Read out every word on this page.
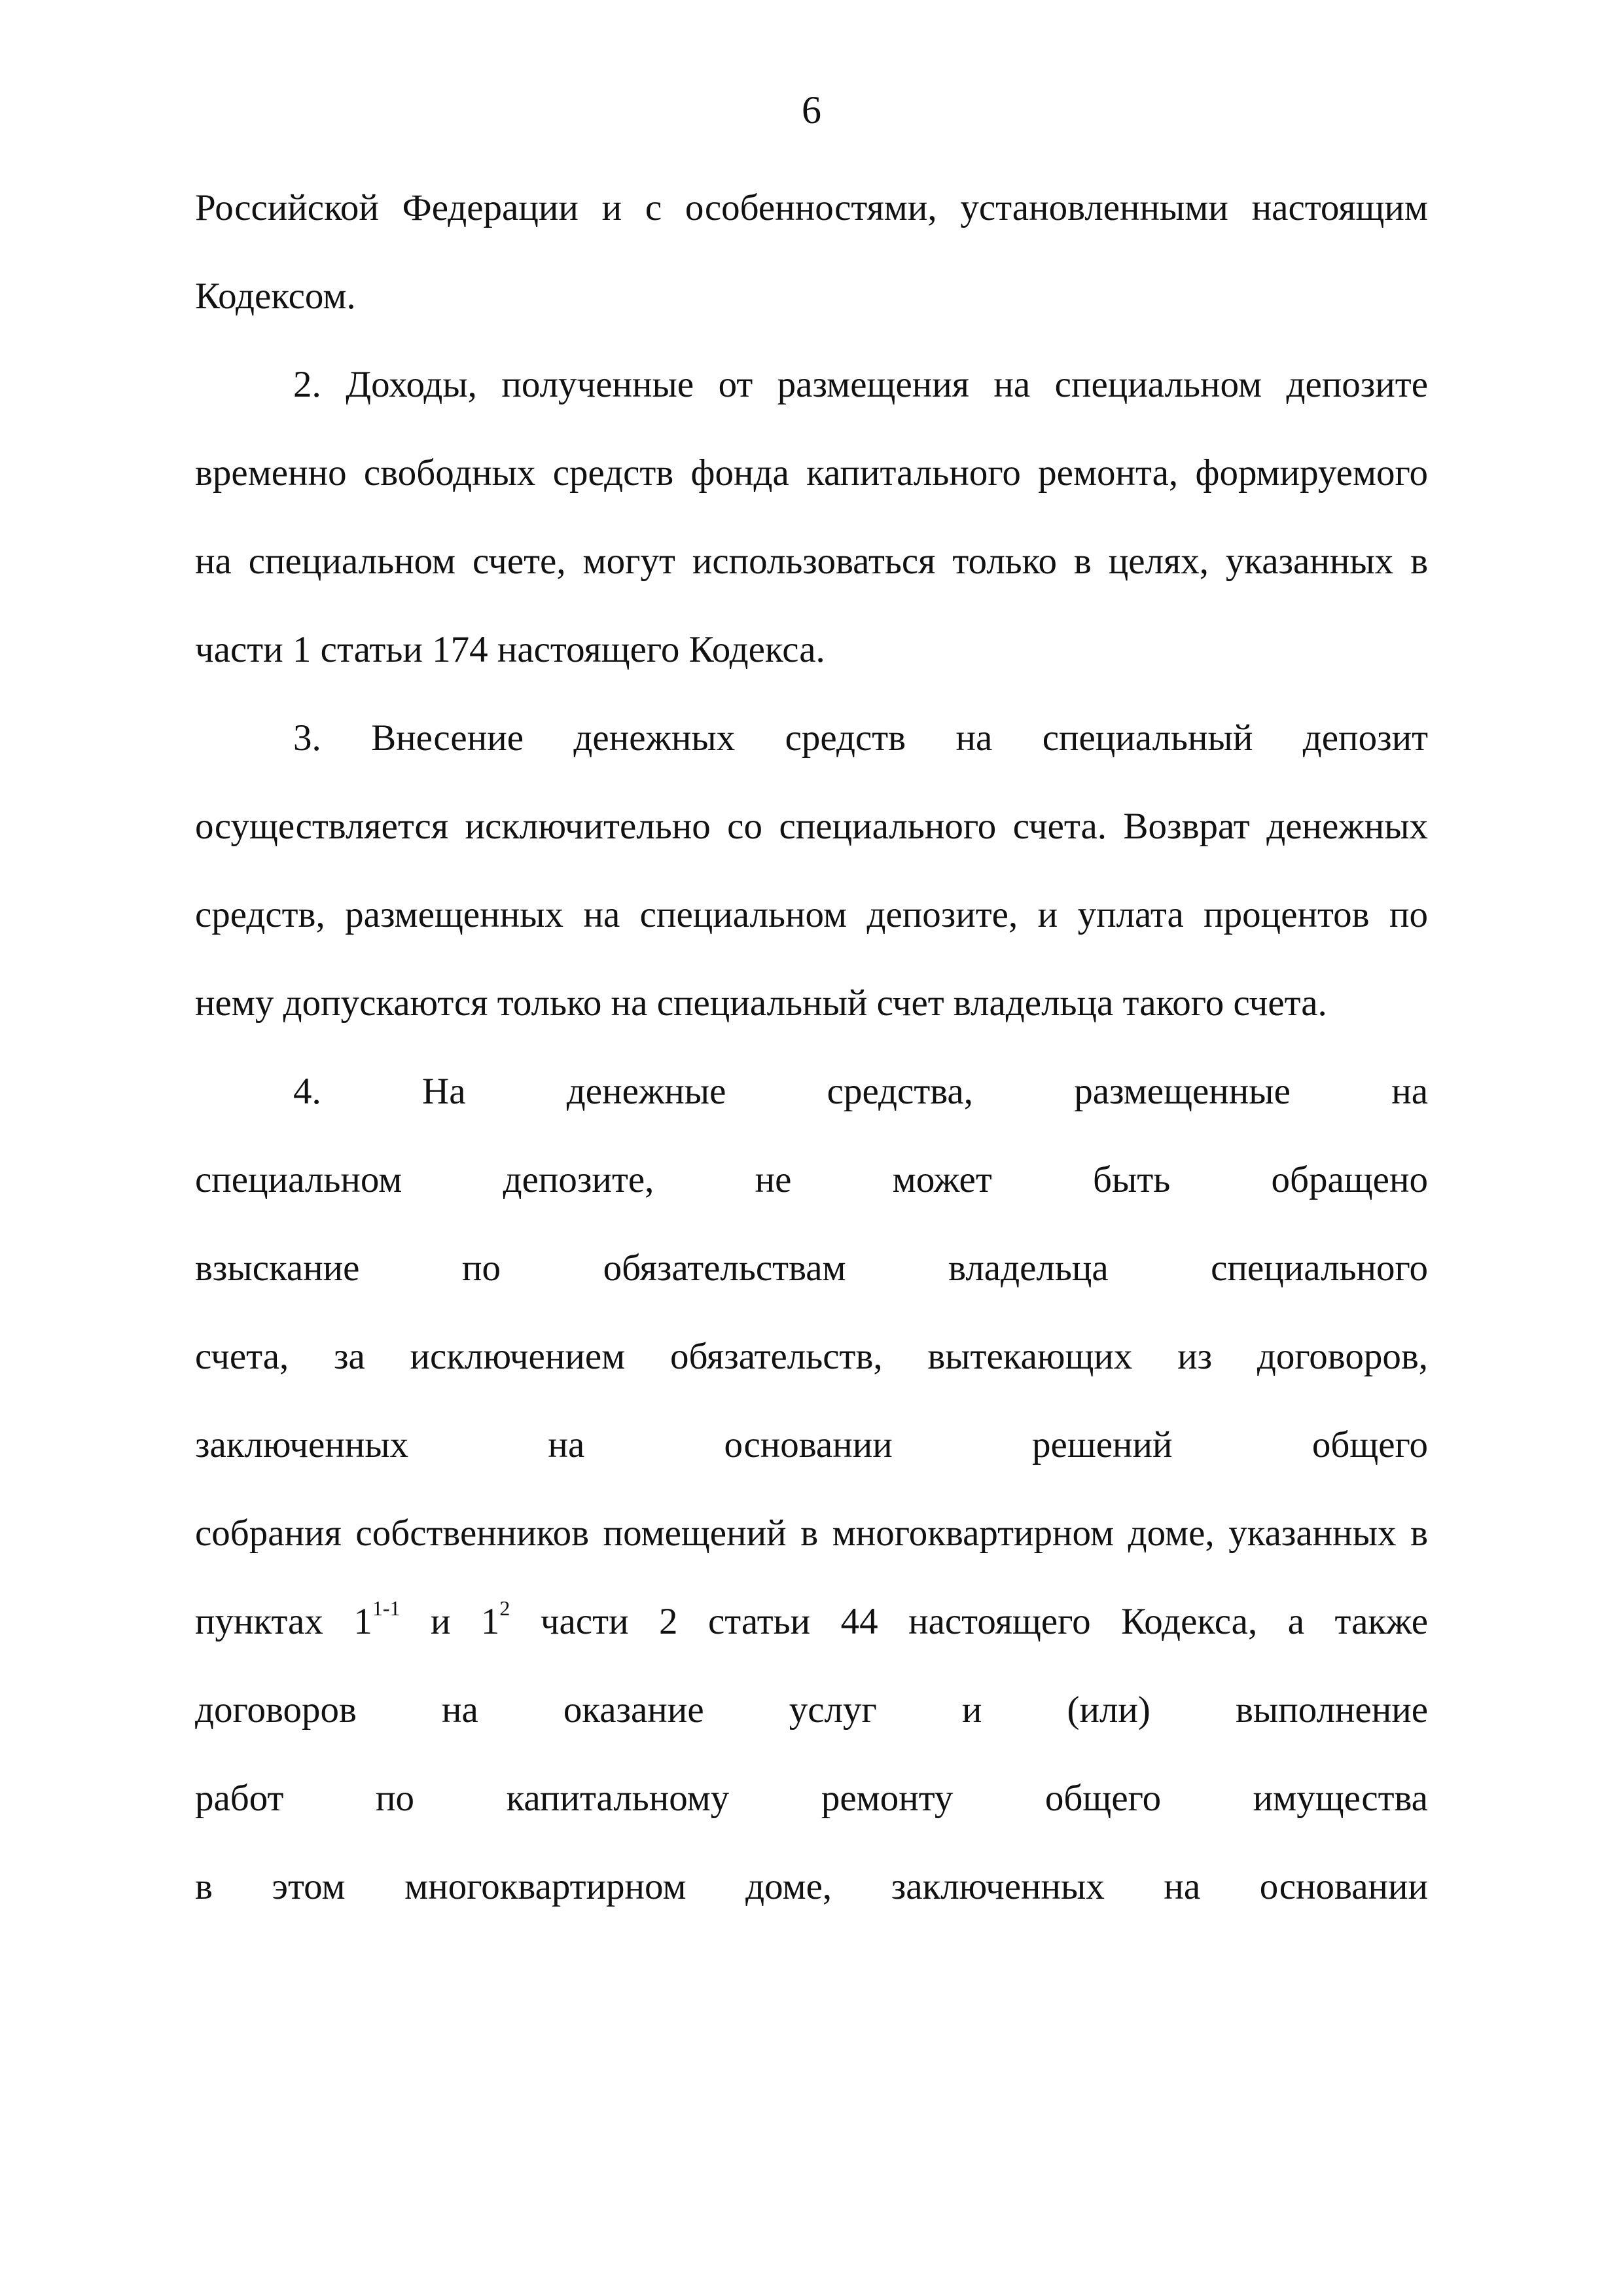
6
Российской Федерации и с особенностями, установленными настоящим
Кодексом.
2. Доходы, полученные от размещения на специальном депозите
временно свободных средств фонда капитального ремонта, формируемого
на специальном счете, могут использоваться только в целях, указанных в
части 1 статьи 174 настоящего Кодекса.
3. Внесение денежных средств на специальный депозит
осуществляется исключительно со специального счета. Возврат денежных
средств, размещенных на специальном депозите, и уплата процентов по
нему допускаются только на специальный счет владельца такого счета.
4. На денежные средства, размещенные на
специальном депозите, не может быть обращено
взыскание по обязательствам владельца специального
счета, за исключением обязательств, вытекающих из договоров,
заключенных на основании решений общего
собрания собственников помещений в многоквартирном доме, указанных в
пунктах 1$^{1-1}$ и $1^2$ части 2 статьи 44 настоящего Кодекса, а также
договоров на оказание услуг и (или) выполнение
работ по капитальному ремонту общего имущества
в этом многоквартирном доме, заключенных на основании
